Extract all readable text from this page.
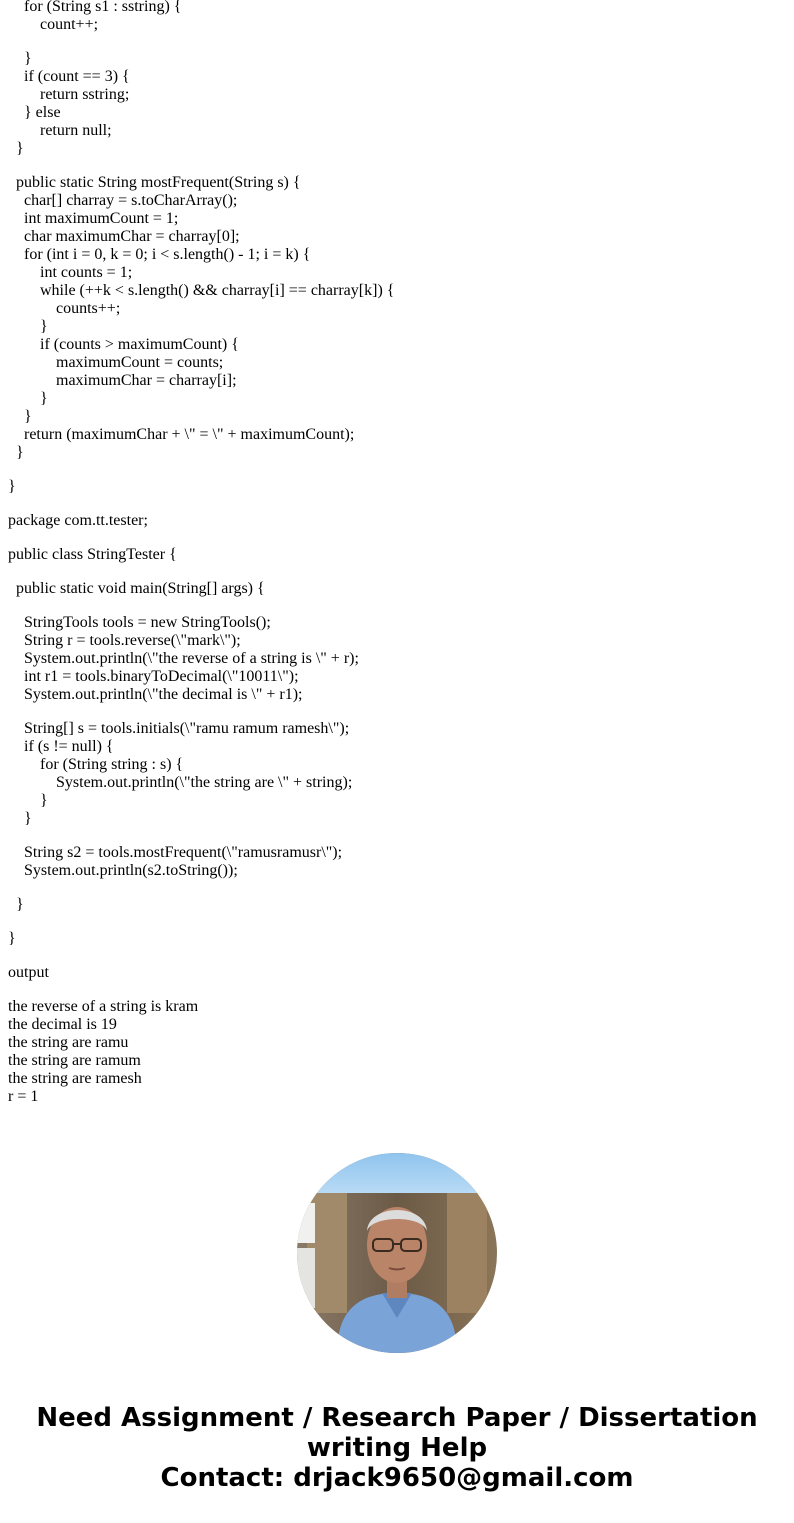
for (String s1 : sstring) {
count++;
}
if (count == 3) {
return sstring;
} else
return null;
}
public static String mostFrequent(String s) {
char[] charray = s.toCharArray();
int maximumCount = 1;
char maximumChar = charray[0];
for (int i = 0, k = 0; i < s.length() - 1; i = k) {
int counts = 1;
while (++k < s.length() && charray[i] == charray[k]) {
counts++;
}
if (counts > maximumCount) {
maximumCount = counts;
maximumChar = charray[i];
}
}
return (maximumChar + \" = \" + maximumCount);
}
}
package com.tt.tester;
public class StringTester {
public static void main(String[] args) {
StringTools tools = new StringTools();
String r = tools.reverse(\"mark\");
System.out.println(\"the reverse of a string is \" + r);
int r1 = tools.binaryToDecimal(\"10011\");
System.out.println(\"the decimal is \" + r1);
String[] s = tools.initials(\"ramu ramum ramesh\");
if (s != null) {
for (String string : s) {
System.out.println(\"the string are \" + string);
}
}
String s2 = tools.mostFrequent(\"ramusramusr\");
System.out.println(s2.toString());
}
}
output
the reverse of a string is kram
the decimal is 19
the string are ramu
the string are ramum
the string are ramesh
r = 1
Need Assignment / Research Paper / Dissertation
writing Help
Contact: drjack9650@gmail.com
